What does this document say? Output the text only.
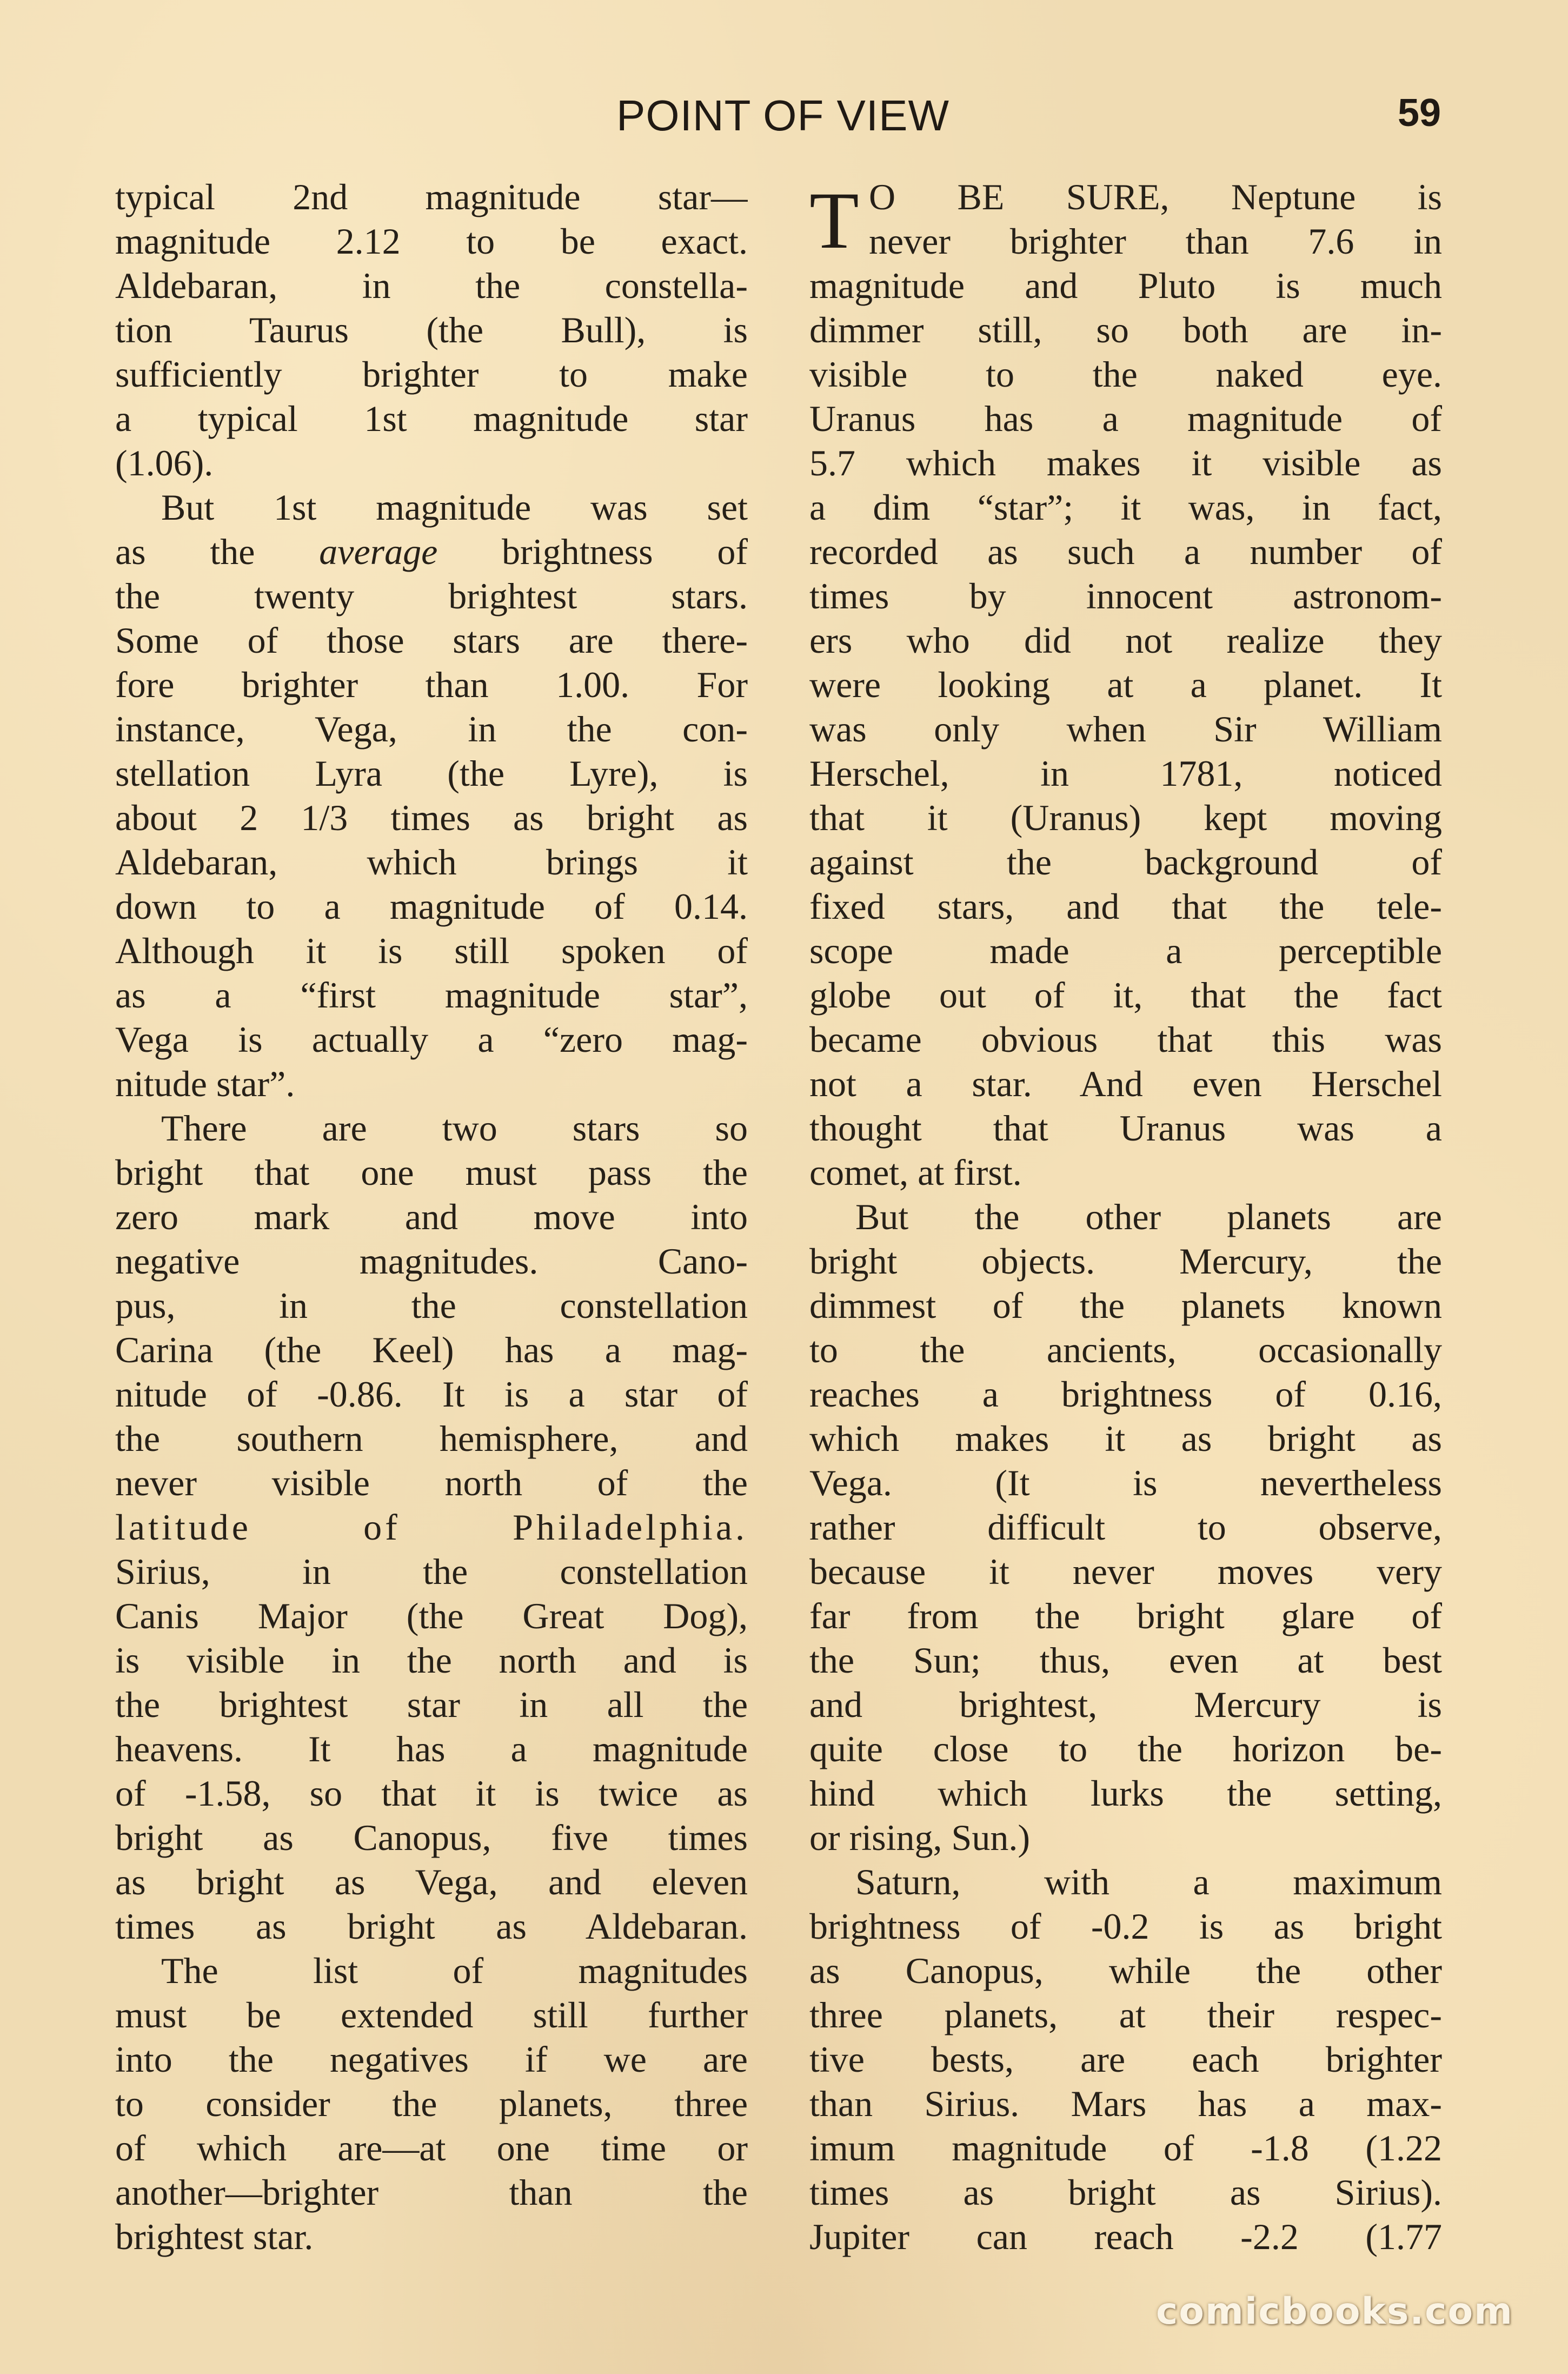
POINT OF VIEW	59
typical 2nd magnitude star—
magnitude 2.12 to be exact.
Aldebaran, in the constella-
tion Taurus (the Bull), is
sufficiently brighter to make
a typical 1st magnitude star
(1.06).
But 1st magnitude was set
as the average brightness of
the twenty brightest stars.
Some of those stars are there-
fore brighter than 1.00. For
instance, Vega, in the con-
stellation Lyra (the Lyre), is
about 2 1/3 times as bright as
Aldebaran, which brings it
down to a magnitude of 0.14.
Although it is still spoken of
as a “first magnitude star”,
Vega is actually a “zero mag-
nitude star”.
There are two stars so
bright that one must pass the
zero mark and move into
negative magnitudes. Cano-
pus, in the constellation
Carina (the Keel) has a mag-
nitude of -0.86. It is a star of
the southern hemisphere, and
never visible north of the
latitude of Philadelphia.
Sirius, in the constellation
Canis Major (the Great Dog),
is visible in the north and is
the brightest star in all the
heavens. It has a magnitude
of -1.58, so that it is twice as
bright as Canopus, five times
as bright as Vega, and eleven
times as bright as Aldebaran.
The list of magnitudes
must be extended still further
into the negatives if we are
to consider the planets, three
of which are—at one time or
another—brighter than the
brightest star.
T O BE SURE, Neptune is
never brighter than 7.6 in
magnitude and Pluto is much
dimmer still, so both are in-
visible to the naked eye.
Uranus has a magnitude of
5.7 which makes it visible as
a dim “star”; it was, in fact,
recorded as such a number of
times by innocent astronom-
ers who did not realize they
were looking at a planet. It
was only when Sir William
Herschel, in 1781, noticed
that it (Uranus) kept moving
against the background of
fixed stars, and that the tele-
scope made a perceptible
globe out of it, that the fact
became obvious that this was
not a star. And even Herschel
thought that Uranus was a
comet, at first.
But the other planets are
bright objects. Mercury, the
dimmest of the planets known
to the ancients, occasionally
reaches a brightness of 0.16,
which makes it as bright as
Vega. (It is nevertheless
rather difficult to observe,
because it never moves very
far from the bright glare of
the Sun; thus, even at best
and brightest, Mercury is
quite close to the horizon be-
hind which lurks the setting,
or rising, Sun.)
Saturn, with a maximum
brightness of -0.2 is as bright
as Canopus, while the other
three planets, at their respec-
tive bests, are each brighter
than Sirius. Mars has a max-
imum magnitude of -1.8 (1.22
times as bright as Sirius).
Jupiter can reach -2.2 (1.77
comicbooks.com
